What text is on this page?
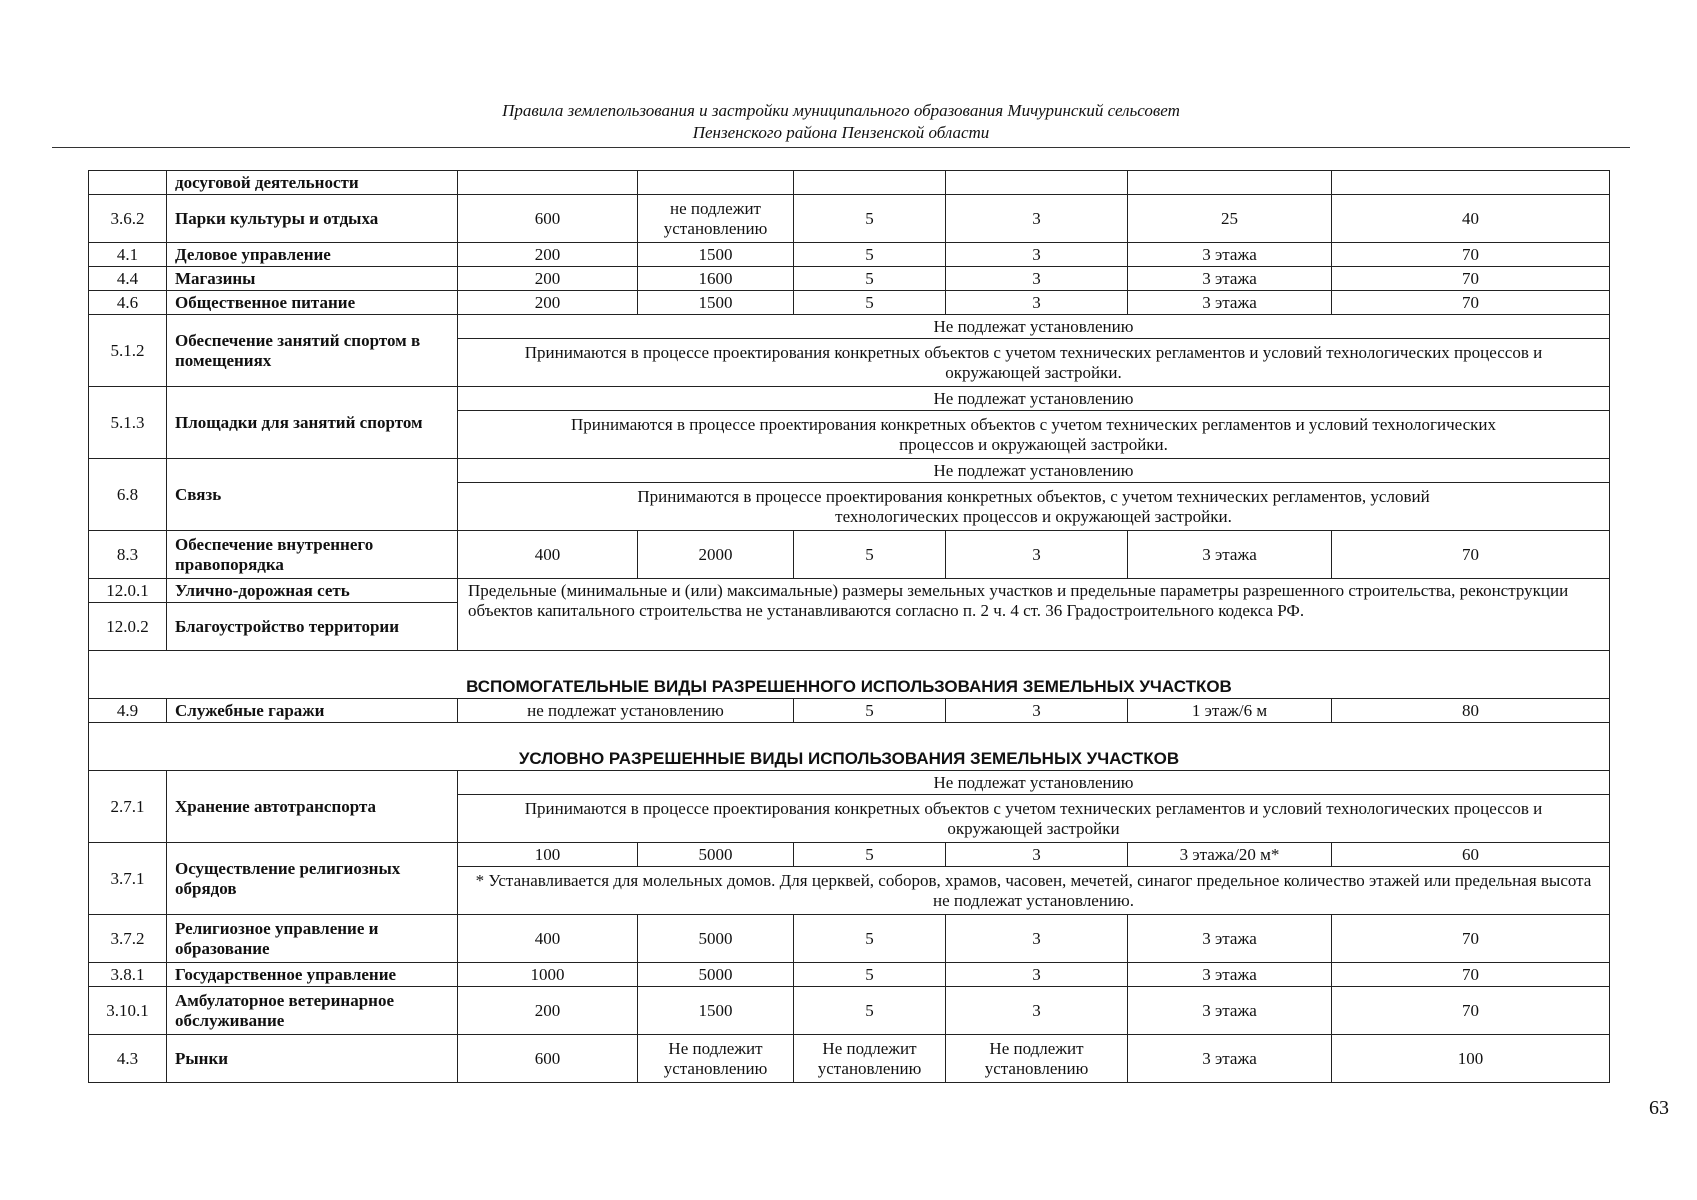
Правила землепользования и застройки муниципального образования Мичуринский сельсовет
Пензенского района Пензенской области
	досуговой деятельности						
3.6.2	Парки культуры и отдыха	600	не подлежит установлению	5	3	25	40
4.1	Деловое управление	200	1500	5	3	3 этажа	70
4.4	Магазины	200	1600	5	3	3 этажа	70
4.6	Общественное питание	200	1500	5	3	3 этажа	70
5.1.2	Обеспечение занятий спортом в помещениях	Не подлежат установлению					
		Принимаются в процессе проектирования конкретных объектов с учетом технических регламентов и условий технологических процессов и окружающей застройки.					
5.1.3	Площадки для занятий спортом	Не подлежат установлению					
		Принимаются в процессе проектирования конкретных объектов с учетом технических регламентов и условий технологических процессов и окружающей застройки.					
6.8	Связь	Не подлежат установлению					
		Принимаются в процессе проектирования конкретных объектов, с учетом технических регламентов, условий технологических процессов и окружающей застройки.					
8.3	Обеспечение внутреннего правопорядка	400	2000	5	3	3 этажа	70
12.0.1	Улично-дорожная сеть	Предельные (минимальные и (или) максимальные) размеры земельных участков и предельные параметры разрешенного строительства, реконструкции объектов капитального строительства не устанавливаются согласно п. 2 ч. 4 ст. 36 Градостроительного кодекса РФ.					
12.0.2	Благоустройство территории						
ВСПОМОГАТЕЛЬНЫЕ ВИДЫ РАЗРЕШЕННОГО ИСПОЛЬЗОВАНИЯ ЗЕМЕЛЬНЫХ УЧАСТКОВ							
4.9	Служебные гаражи	не подлежат установлению		5	3	1 этаж/6 м	80
УСЛОВНО РАЗРЕШЕННЫЕ ВИДЫ ИСПОЛЬЗОВАНИЯ ЗЕМЕЛЬНЫХ УЧАСТКОВ							
2.7.1	Хранение автотранспорта	Не подлежат установлению					
		Принимаются в процессе проектирования конкретных объектов с учетом технических регламентов и условий технологических процессов и окружающей застройки					
3.7.1	Осуществление религиозных обрядов	100	5000	5	3	3 этажа/20 м*	60
		* Устанавливается для молельных домов. Для церквей, соборов, храмов, часовен, мечетей, синагог предельное количество этажей или предельная высота не подлежат установлению.					
3.7.2	Религиозное управление и образование	400	5000	5	3	3 этажа	70
3.8.1	Государственное управление	1000	5000	5	3	3 этажа	70
3.10.1	Амбулаторное ветеринарное обслуживание	200	1500	5	3	3 этажа	70
4.3	Рынки	600	Не подлежит установлению	Не подлежит установлению	Не подлежит установлению	3 этажа	100
63
